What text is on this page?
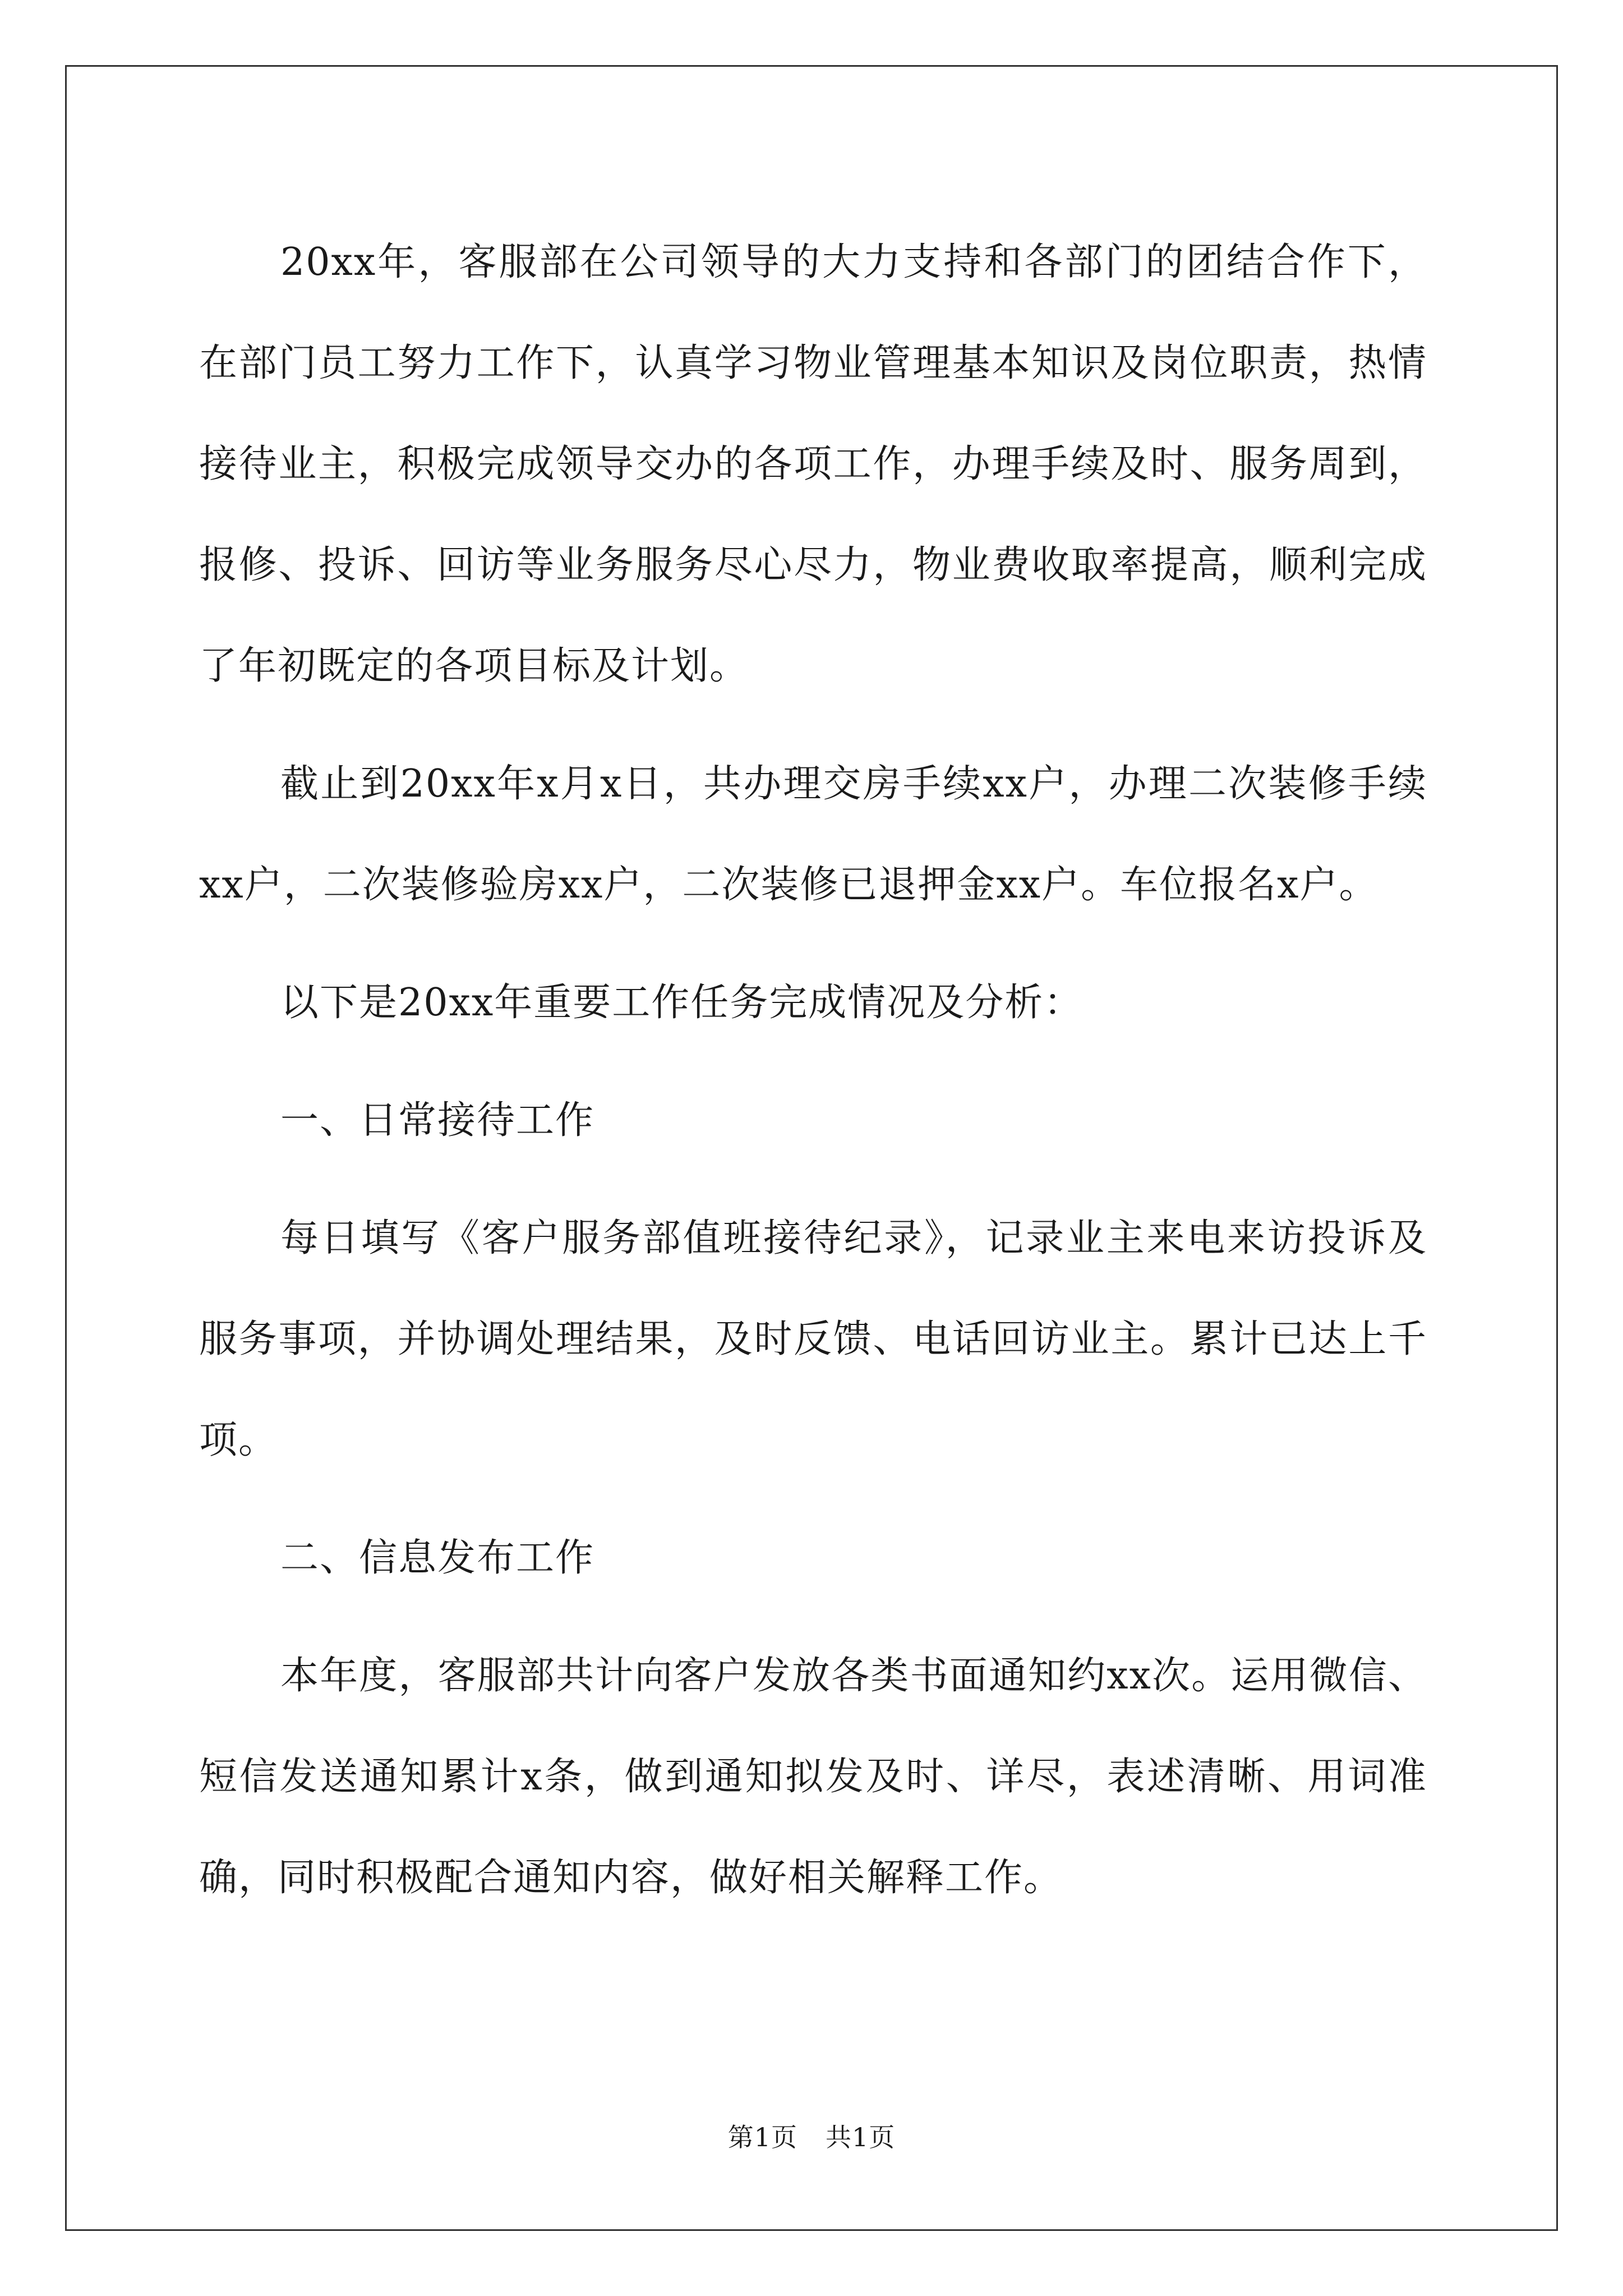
20xx年，客服部在公司领导的大力支持和各部门的团结合作下，在部门员工努力工作下，认真学习物业管理基本知识及岗位职责，热情接待业主，积极完成领导交办的各项工作，办理手续及时、服务周到，报修、投诉、回访等业务服务尽心尽力，物业费收取率提高，顺利完成了年初既定的各项目标及计划。

截止到20xx年x月x日，共办理交房手续xx户，办理二次装修手续xx户，二次装修验房xx户，二次装修已退押金xx户。车位报名x户。

以下是20xx年重要工作任务完成情况及分析：

一、日常接待工作

每日填写《客户服务部值班接待纪录》，记录业主来电来访投诉及服务事项，并协调处理结果，及时反馈、电话回访业主。累计已达上千项。

二、信息发布工作

本年度，客服部共计向客户发放各类书面通知约xx次。运用微信、短信发送通知累计x条，做到通知拟发及时、详尽，表述清晰、用词准确，同时积极配合通知内容，做好相关解释工作。

第1页 共1页
